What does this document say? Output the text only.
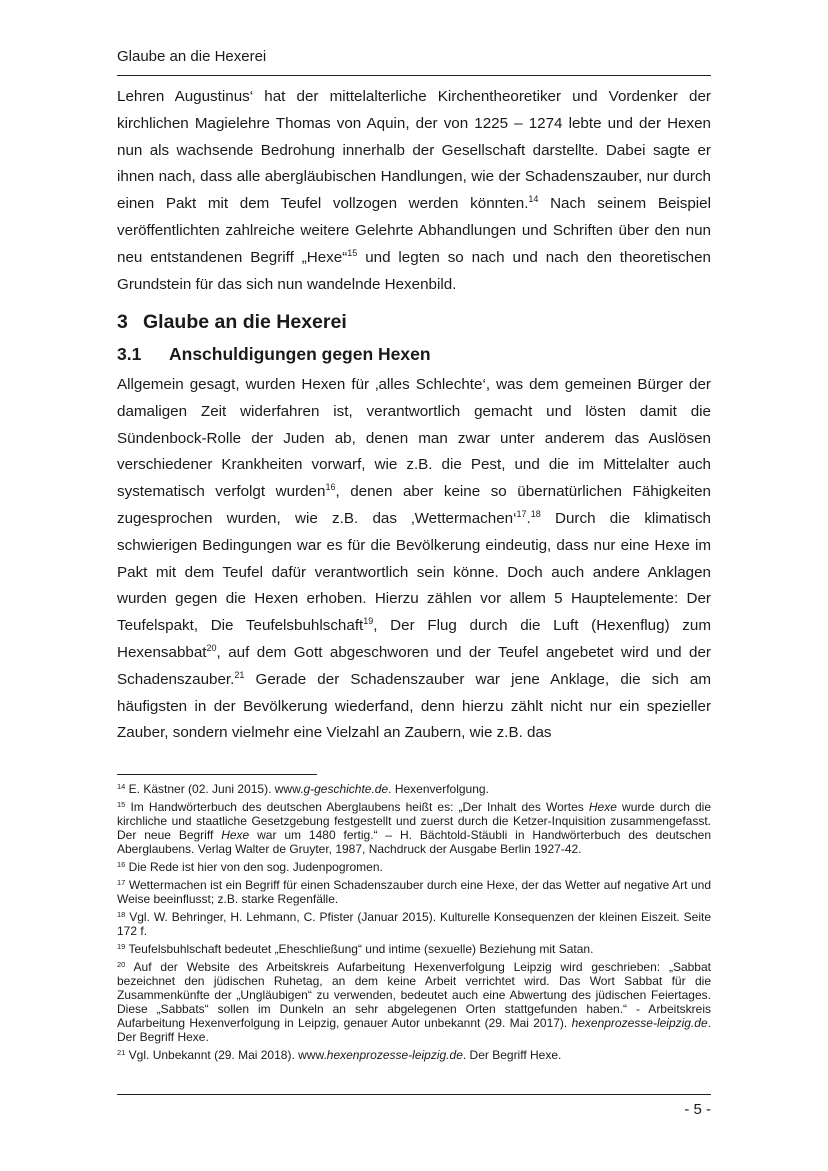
Glaube an die Hexerei

Lehren Augustinus‘ hat der mittelalterliche Kirchentheoretiker und Vordenker der kirchlichen Magielehre Thomas von Aquin, der von 1225 – 1274 lebte und der Hexen nun als wachsende Bedrohung innerhalb der Gesellschaft darstellte. Dabei sagte er ihnen nach, dass alle abergläubischen Handlungen, wie der Schadenszauber, nur durch einen Pakt mit dem Teufel vollzogen werden könnten.$^{14}$ Nach seinem Beispiel veröffentlichten zahlreiche weitere Gelehrte Abhandlungen und Schriften über den nun neu entstandenen Begriff „Hexe“$^{15}$ und legten so nach und nach den theoretischen Grundstein für das sich nun wandelnde Hexenbild.

3 Glaube an die Hexerei
3.1 Anschuldigungen gegen Hexen

Allgemein gesagt, wurden Hexen für ‚alles Schlechte‘, was dem gemeinen Bürger der damaligen Zeit widerfahren ist, verantwortlich gemacht und lösten damit die Sündenbock-Rolle der Juden ab, denen man zwar unter anderem das Auslösen verschiedener Krankheiten vorwarf, wie z.B. die Pest, und die im Mittelalter auch systematisch verfolgt wurden$^{16}$, denen aber keine so übernatürlichen Fähigkeiten zugesprochen wurden, wie z.B. das ‚Wettermachen‘$^{17}$.$^{18}$ Durch die klimatisch schwierigen Bedingungen war es für die Bevölkerung eindeutig, dass nur eine Hexe im Pakt mit dem Teufel dafür verantwortlich sein könne. Doch auch andere Anklagen wurden gegen die Hexen erhoben. Hierzu zählen vor allem 5 Hauptelemente: Der Teufelspakt, Die Teufelsbuhlschaft$^{19}$, Der Flug durch die Luft (Hexenflug) zum Hexensabbat$^{20}$, auf dem Gott abgeschworen und der Teufel angebetet wird und der Schadenszauber.$^{21}$ Gerade der Schadenszauber war jene Anklage, die sich am häufigsten in der Bevölkerung wiederfand, denn hierzu zählt nicht nur ein spezieller Zauber, sondern vielmehr eine Vielzahl an Zaubern, wie z.B. das

$^{14}$ E. Kästner (02. Juni 2015). www.g-geschichte.de. Hexenverfolgung.
$^{15}$ Im Handwörterbuch des deutschen Aberglaubens heißt es: „Der Inhalt des Wortes Hexe wurde durch die kirchliche und staatliche Gesetzgebung festgestellt und zuerst durch die Ketzer-Inquisition zusammengefasst. Der neue Begriff Hexe war um 1480 fertig.“ – H. Bächtold-Stäubli in Handwörterbuch des deutschen Aberglaubens. Verlag Walter de Gruyter, 1987, Nachdruck der Ausgabe Berlin 1927-42.
$^{16}$ Die Rede ist hier von den sog. Judenpogromen.
$^{17}$ Wettermachen ist ein Begriff für einen Schadenszauber durch eine Hexe, der das Wetter auf negative Art und Weise beeinflusst; z.B. starke Regenfälle.
$^{18}$ Vgl. W. Behringer, H. Lehmann, C. Pfister (Januar 2015). Kulturelle Konsequenzen der kleinen Eiszeit. Seite 172 f.
$^{19}$ Teufelsbuhlschaft bedeutet „Eheschließung“ und intime (sexuelle) Beziehung mit Satan.
$^{20}$ Auf der Website des Arbeitskreis Aufarbeitung Hexenverfolgung Leipzig wird geschrieben: „Sabbat bezeichnet den jüdischen Ruhetag, an dem keine Arbeit verrichtet wird. Das Wort Sabbat für die Zusammenkünfte der „Ungläubigen“ zu verwenden, bedeutet auch eine Abwertung des jüdischen Feiertages. Diese „Sabbats“ sollen im Dunkeln an sehr abgelegenen Orten stattgefunden haben.“ - Arbeitskreis Aufarbeitung Hexenverfolgung in Leipzig, genauer Autor unbekannt (29. Mai 2017). hexenprozesse-leipzig.de. Der Begriff Hexe.
$^{21}$ Vgl. Unbekannt (29. Mai 2018). www.hexenprozesse-leipzig.de. Der Begriff Hexe.
- 5 -
